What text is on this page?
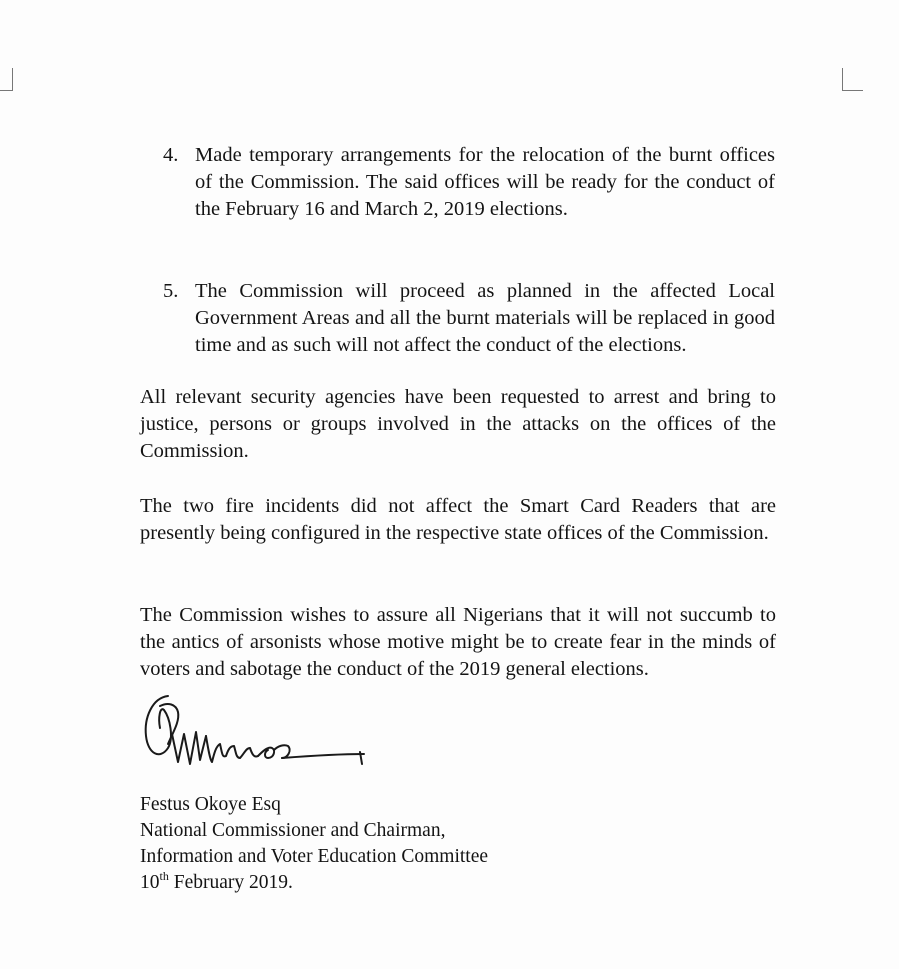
4. Made temporary arrangements for the relocation of the burnt offices of the Commission. The said offices will be ready for the conduct of the February 16 and March 2, 2019 elections.
5. The Commission will proceed as planned in the affected Local Government Areas and all the burnt materials will be replaced in good time and as such will not affect the conduct of the elections.
All relevant security agencies have been requested to arrest and bring to justice, persons or groups involved in the attacks on the offices of the Commission.
The two fire incidents did not affect the Smart Card Readers that are presently being configured in the respective state offices of the Commission.
The Commission wishes to assure all Nigerians that it will not succumb to the antics of arsonists whose motive might be to create fear in the minds of voters and sabotage the conduct of the 2019 general elections.
Festus Okoye Esq
National Commissioner and Chairman,
Information and Voter Education Committee
10th February 2019.
